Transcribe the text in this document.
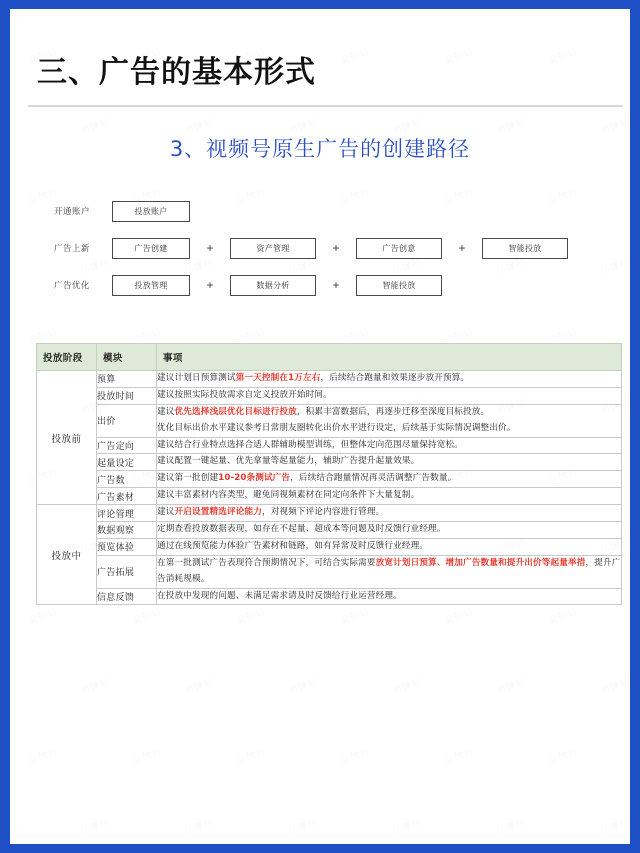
三、广告的基本形式
3、视频号原生广告的创建路径
开通账户	投放账户
广告上新	广告创建	+	资产管理	+	广告创意	+	智能投放
广告优化	投放管理	+	数据分析	+	智能投放
投放阶段	模块	事项
投放前	预算	建议计划日预算测试第一天控制在1万左右，后续结合跑量和效果逐步放开预算。

	投放时间	建议按照实际投放需求自定义投放开始时间。

	出价	建议优先选择浅层优化目标进行投放，积累丰富数据后，再逐步迁移至深度目标投放。

优化目标出价水平建议参考日常朋友圈转化出价水平进行设定，后续基于实际情况调整出价。

	广告定向	建议结合行业特点选择合适人群辅助模型训练，但整体定向范围尽量保持宽松。

	起量设定	建议配置一键起量、优先拿量等起量能力，辅助广告提升起量效果。

	广告数	建议第一批创建10-20条测试广告，后续结合跑量情况再灵活调整广告数量。

	广告素材	建议丰富素材内容类型，避免同视频素材在同定向条件下大量复制。

投放中	评论管理	建议开启设置精选评论能力，对视频下评论内容进行管理。

	数据观察	定期查看投放数据表现，如存在不起量、超成本等问题及时反馈行业经理。

	预览体验	通过在线预览能力体验广告素材和链路，如有异常及时反馈行业经理。

	广告拓展	在第一批测试广告表现符合预期情况下，可结合实际需要放宽计划日预算、增加广告数量和提升出价等起量举措，提升广告消耗规模。

	信息反馈	在投放中发现的问题、未满足需求请及时反馈给行业运营经理。
